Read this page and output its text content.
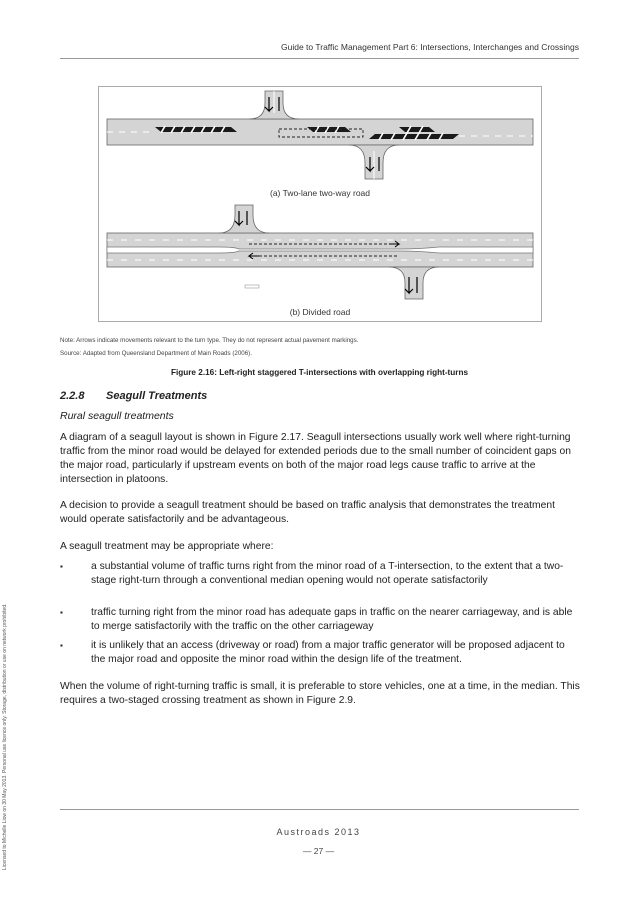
Guide to Traffic Management Part 6: Intersections, Interchanges and Crossings
(a) Two-lane two-way road
(b) Divided road
Note: Arrows indicate movements relevant to the turn type. They do not represent actual pavement markings.
Source: Adapted from Queensland Department of Main Roads (2006).
Figure 2.16: Left-right staggered T-intersections with overlapping right-turns
2.2.8 Seagull Treatments
Rural seagull treatments
A diagram of a seagull layout is shown in Figure 2.17. Seagull intersections usually work well where right-turning traffic from the minor road would be delayed for extended periods due to the small number of coincident gaps on the major road, particularly if upstream events on both of the major road legs cause traffic to arrive at the intersection in platoons.
A decision to provide a seagull treatment should be based on traffic analysis that demonstrates the treatment would operate satisfactorily and be advantageous.
A seagull treatment may be appropriate where:
▪	a substantial volume of traffic turns right from the minor road of a T-intersection, to the extent that a two-stage right-turn through a conventional median opening would not operate satisfactorily
▪	traffic turning right from the minor road has adequate gaps in traffic on the nearer carriageway, and is able to merge satisfactorily with the traffic on the other carriageway
▪	it is unlikely that an access (driveway or road) from a major traffic generator will be proposed adjacent to the major road and opposite the minor road within the design life of the treatment.
When the volume of right-turning traffic is small, it is preferable to store vehicles, one at a time, in the median. This requires a two-staged crossing treatment as shown in Figure 2.9.
Austroads 2013
— 27 —
Licensed to Michelle Liow on 30 May 2013. Personal use licence only. Storage, distribution or use on network prohibited.
